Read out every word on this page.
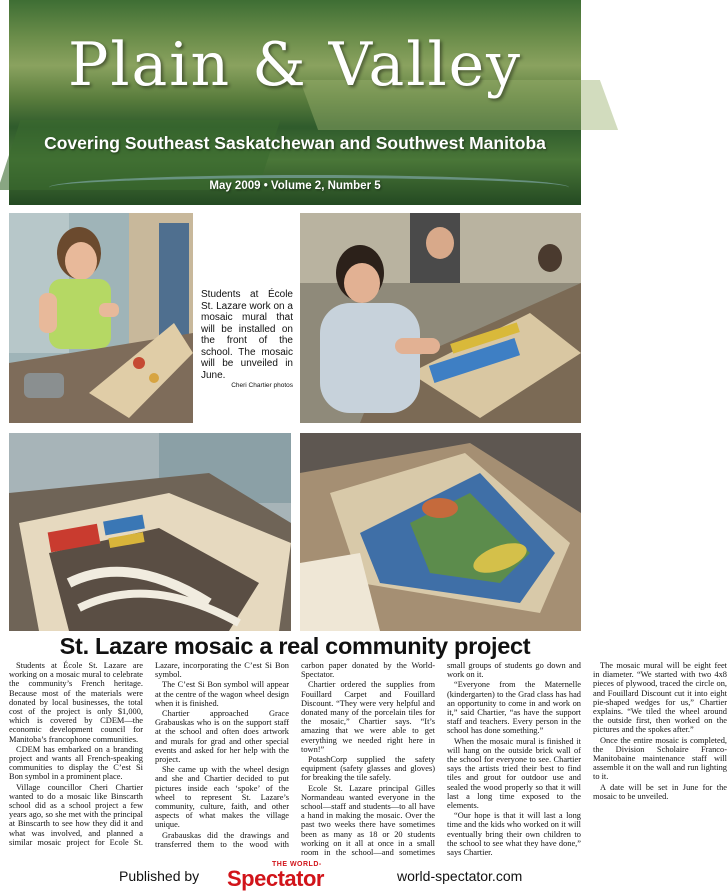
Plain & Valley
Covering Southeast Saskatchewan and Southwest Manitoba
May 2009 • Volume 2, Number 5
Students at École St. Lazare work on a mosaic mural that will be installed on the front of the school. The mosaic will be unveiled in June.
Cheri Chartier photos
St. Lazare mosaic a real community project

Students at École St. Lazare are working on a mosaic mural to celebrate the community’s French heritage. Because most of the materials were donated by local businesses, the total cost of the project is only $1,000, which is covered by CDEM—the economic development council for Manitoba’s francophone communities.

CDEM has embarked on a branding project and wants all French-speaking communities to display the C’est Si Bon symbol in a prominent place.

Village councillor Cheri Chartier wanted to do a mosaic like Binscarth school did as a school project a few years ago, so she met with the principal at Binscarth to see how they did it and what was involved, and planned a similar mosaic project for Ecole St. Lazare, incorporating the C’est Si Bon symbol.

The C’est Si Bon symbol will appear at the centre of the wagon wheel design when it is finished.

Chartier approached Grace Grabauskas who is on the support staff at the school and often does artwork and murals for grad and other special events and asked for her help with the project.

She came up with the wheel design and she and Chartier decided to put pictures inside each ‘spoke’ of the wheel to represent St. Lazare’s community, culture, faith, and other aspects of what makes the village unique.

Grabauskas did the drawings and transferred them to the wood with carbon paper donated by the World-Spectator.

Chartier ordered the supplies from Fouillard Carpet and Fouillard Discount. “They were very helpful and donated many of the porcelain tiles for the mosaic,” Chartier says. “It’s amazing that we were able to get everything we needed right here in town!”

PotashCorp supplied the safety equipment (safety glasses and gloves) for breaking the tile safely.

Ecole St. Lazare principal Gilles Normandeau wanted everyone in the school—staff and students—to all have a hand in making the mosaic. Over the past two weeks there have sometimes been as many as 18 or 20 students working on it all at once in a small room in the school—and sometimes small groups of students go down and work on it.

“Everyone from the Maternelle (kindergarten) to the Grad class has had an opportunity to come in and work on it,” said Chartier, “as have the support staff and teachers. Every person in the school has done something.”

When the mosaic mural is finished it will hang on the outside brick wall of the school for everyone to see. Chartier says the artists tried their best to find tiles and grout for outdoor use and sealed the wood properly so that it will last a long time exposed to the elements.

“Our hope is that it will last a long time and the kids who worked on it will eventually bring their own children to the school to see what they have done,” says Chartier.

The mosaic mural will be eight feet in diameter. “We started with two 4x8 pieces of plywood, traced the circle on, and Fouillard Discount cut it into eight pie-shaped wedges for us,” Chartier explains. “We tiled the wheel around the outside first, then worked on the pictures and the spokes after.”

Once the entire mosaic is completed, the Division Scholaire Franco-Manitobaine maintenance staff will assemble it on the wall and run lighting to it.

A date will be set in June for the mosaic to be unveiled.

Published by
THE WORLD-
Spectator	world-spectator.com
